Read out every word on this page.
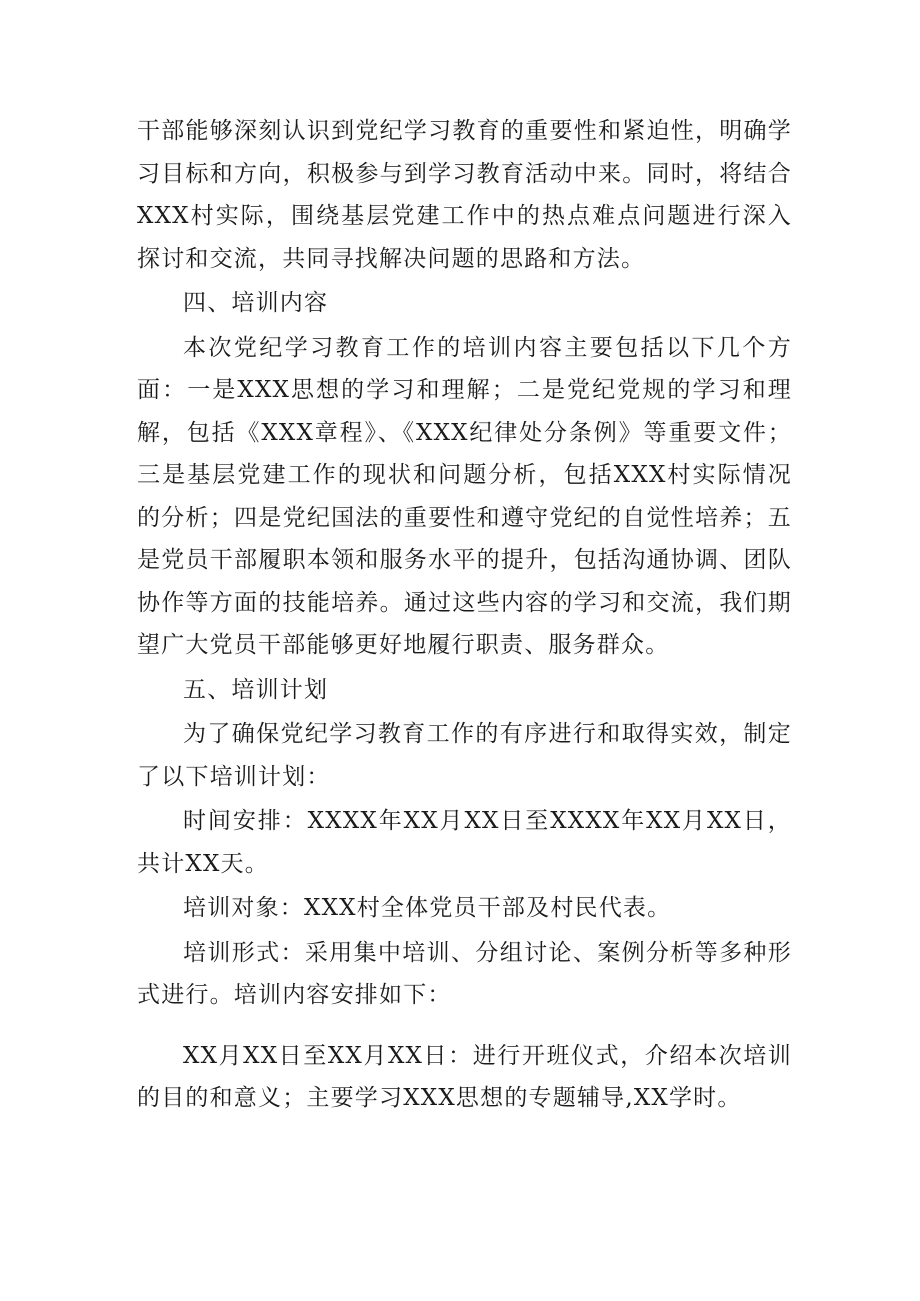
干部能够深刻认识到党纪学习教育的重要性和紧迫性，明确学习目标和方向，积极参与到学习教育活动中来。同时，将结合XXX村实际，围绕基层党建工作中的热点难点问题进行深入探讨和交流，共同寻找解决问题的思路和方法。

四、培训内容

本次党纪学习教育工作的培训内容主要包括以下几个方面：一是XXX思想的学习和理解；二是党纪党规的学习和理解，包括《XXX章程》、《XXX纪律处分条例》等重要文件；三是基层党建工作的现状和问题分析，包括XXX村实际情况的分析；四是党纪国法的重要性和遵守党纪的自觉性培养；五是党员干部履职本领和服务水平的提升，包括沟通协调、团队协作等方面的技能培养。通过这些内容的学习和交流，我们期望广大党员干部能够更好地履行职责、服务群众。

五、培训计划

为了确保党纪学习教育工作的有序进行和取得实效，制定了以下培训计划：

时间安排：XXXX年XX月XX日至XXXX年XX月XX日，共计XX天。

培训对象：XXX村全体党员干部及村民代表。

培训形式：采用集中培训、分组讨论、案例分析等多种形式进行。培训内容安排如下：

XX月XX日至XX月XX日：进行开班仪式，介绍本次培训的目的和意义；主要学习XXX思想的专题辅导,XX学时。
